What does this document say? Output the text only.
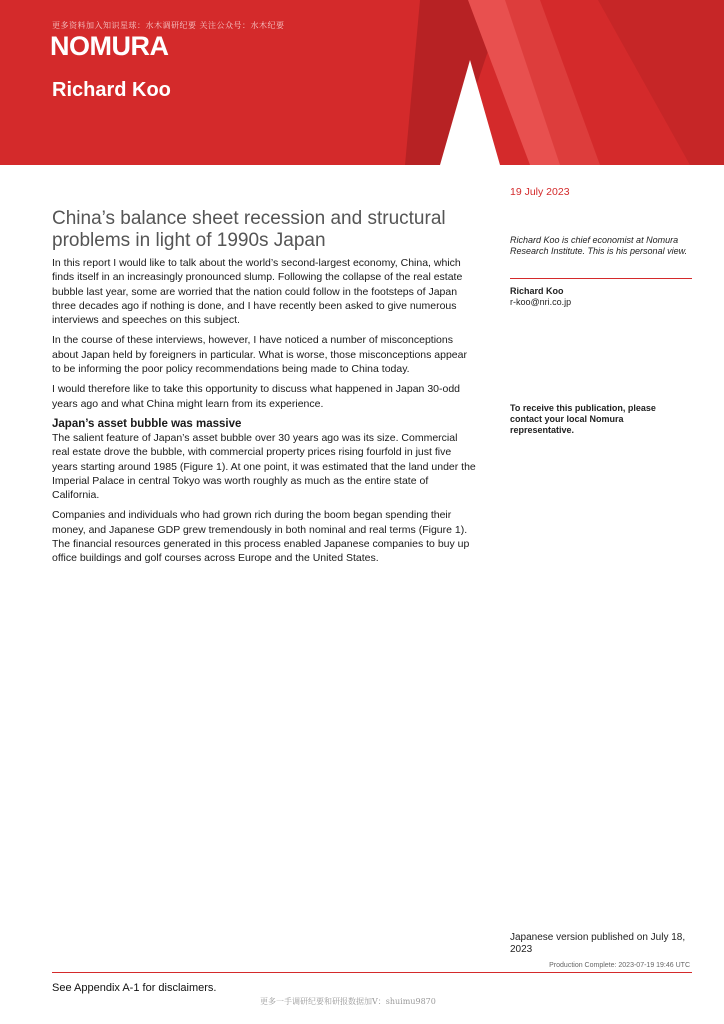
更多资料加入知识星球：水木调研纪要 关注公众号：水木纪要
NOMURA
Richard Koo
19 July 2023
China’s balance sheet recession and structural problems in light of 1990s Japan

In this report I would like to talk about the world’s second-largest economy, China, which finds itself in an increasingly pronounced slump. Following the collapse of the real estate bubble last year, some are worried that the nation could follow in the footsteps of Japan three decades ago if nothing is done, and I have recently been asked to give numerous interviews and speeches on this subject.

In the course of these interviews, however, I have noticed a number of misconceptions about Japan held by foreigners in particular. What is worse, those misconceptions appear to be informing the poor policy recommendations being made to China today.

I would therefore like to take this opportunity to discuss what happened in Japan 30-odd years ago and what China might learn from its experience.

Japan’s asset bubble was massive

The salient feature of Japan’s asset bubble over 30 years ago was its size. Commercial real estate drove the bubble, with commercial property prices rising fourfold in just five years starting around 1985 (Figure 1). At one point, it was estimated that the land under the Imperial Palace in central Tokyo was worth roughly as much as the entire state of California.

Companies and individuals who had grown rich during the boom began spending their money, and Japanese GDP grew tremendously in both nominal and real terms (Figure 1). The financial resources generated in this process enabled Japanese companies to buy up office buildings and golf courses across Europe and the United States.

Richard Koo is chief economist at Nomura Research Institute. This is his personal view.
Richard Koo
r-koo@nri.co.jp
To receive this publication, please contact your local Nomura representative.
Japanese version published on July 18, 2023
Production Complete: 2023-07-19 19:46 UTC
See Appendix A-1 for disclaimers.
更多一手调研纪要和研报数据加V：shuimu9870
